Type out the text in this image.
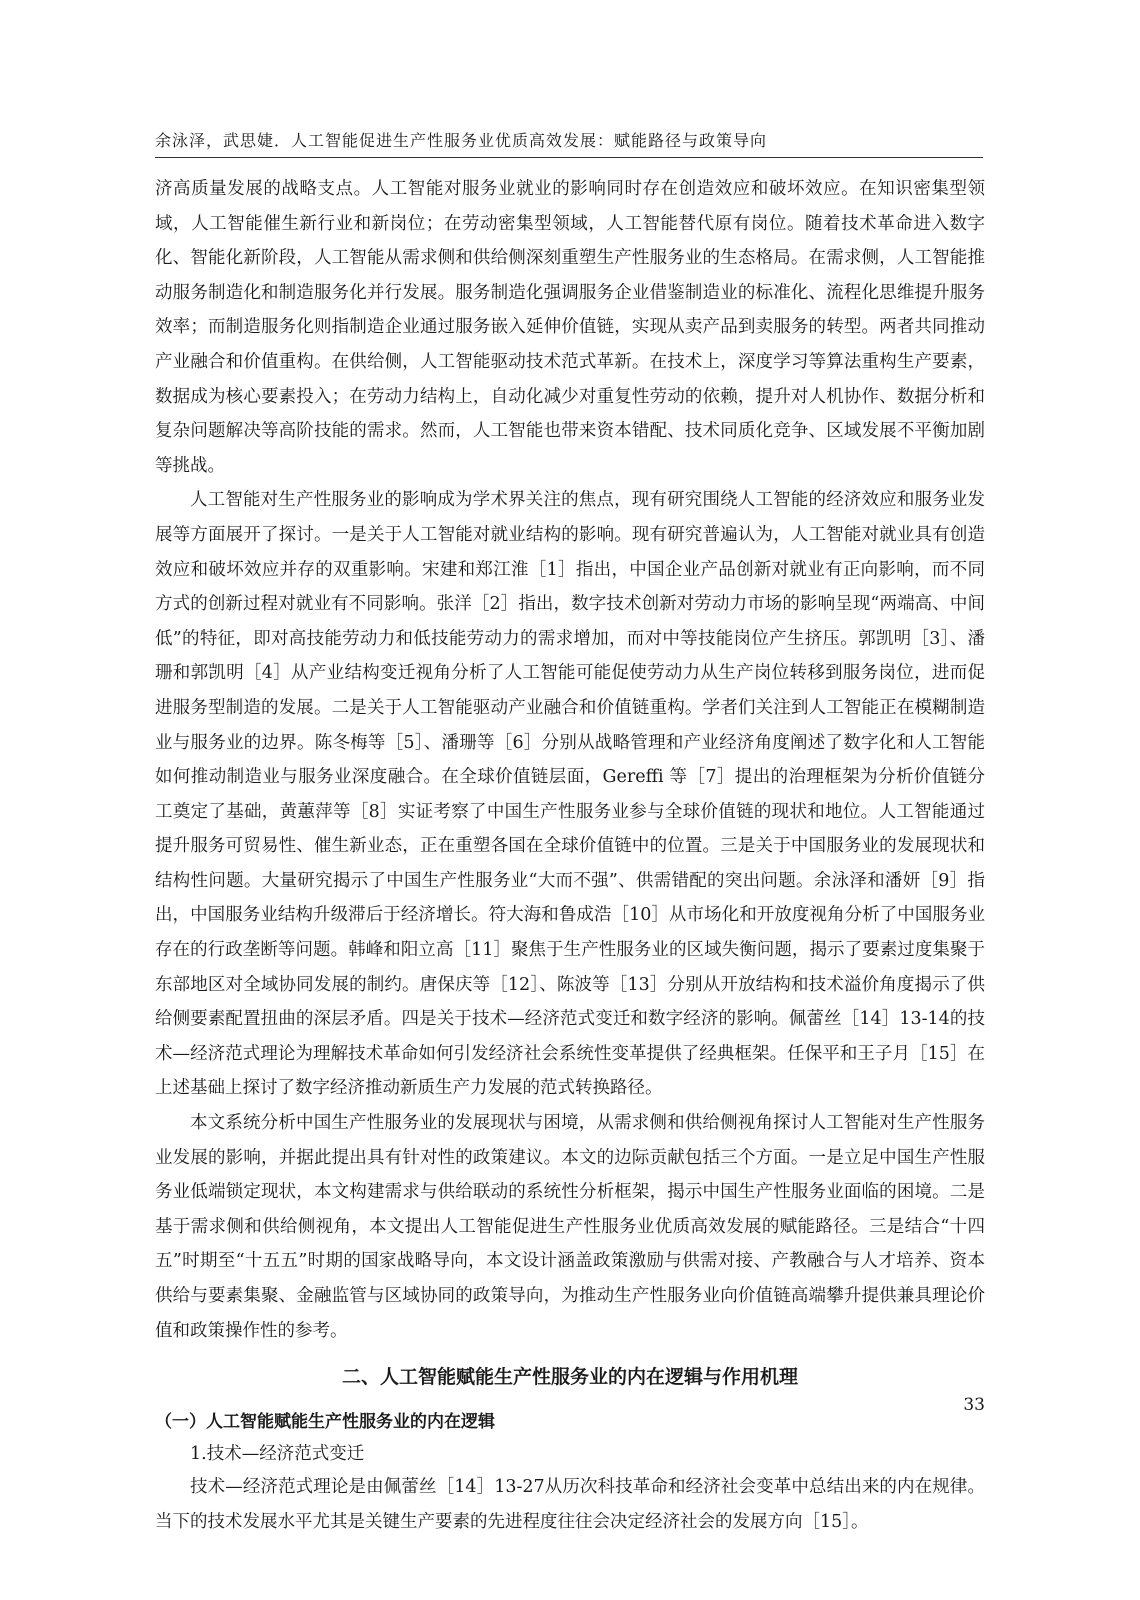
余泳泽，武思婕．人工智能促进生产性服务业优质高效发展：赋能路径与政策导向

济高质量发展的战略支点。人工智能对服务业就业的影响同时存在创造效应和破坏效应。在知识密集型领域，人工智能催生新行业和新岗位；在劳动密集型领域，人工智能替代原有岗位。随着技术革命进入数字化、智能化新阶段，人工智能从需求侧和供给侧深刻重塑生产性服务业的生态格局。在需求侧，人工智能推动服务制造化和制造服务化并行发展。服务制造化强调服务企业借鉴制造业的标准化、流程化思维提升服务效率；而制造服务化则指制造企业通过服务嵌入延伸价值链，实现从卖产品到卖服务的转型。两者共同推动产业融合和价值重构。在供给侧，人工智能驱动技术范式革新。在技术上，深度学习等算法重构生产要素，数据成为核心要素投入；在劳动力结构上，自动化减少对重复性劳动的依赖，提升对人机协作、数据分析和复杂问题解决等高阶技能的需求。然而，人工智能也带来资本错配、技术同质化竞争、区域发展不平衡加剧等挑战。

人工智能对生产性服务业的影响成为学术界关注的焦点，现有研究围绕人工智能的经济效应和服务业发展等方面展开了探讨。一是关于人工智能对就业结构的影响。现有研究普遍认为，人工智能对就业具有创造效应和破坏效应并存的双重影响。宋建和郑江淮［1］指出，中国企业产品创新对就业有正向影响，而不同方式的创新过程对就业有不同影响。张洋［2］指出，数字技术创新对劳动力市场的影响呈现“两端高、中间低”的特征，即对高技能劳动力和低技能劳动力的需求增加，而对中等技能岗位产生挤压。郭凯明［3］、潘珊和郭凯明［4］从产业结构变迁视角分析了人工智能可能促使劳动力从生产岗位转移到服务岗位，进而促进服务型制造的发展。二是关于人工智能驱动产业融合和价值链重构。学者们关注到人工智能正在模糊制造业与服务业的边界。陈冬梅等［5］、潘珊等［6］分别从战略管理和产业经济角度阐述了数字化和人工智能如何推动制造业与服务业深度融合。在全球价值链层面，Gereffi 等［7］提出的治理框架为分析价值链分工奠定了基础，黄蕙萍等［8］实证考察了中国生产性服务业参与全球价值链的现状和地位。人工智能通过提升服务可贸易性、催生新业态，正在重塑各国在全球价值链中的位置。三是关于中国服务业的发展现状和结构性问题。大量研究揭示了中国生产性服务业“大而不强”、供需错配的突出问题。余泳泽和潘妍［9］指出，中国服务业结构升级滞后于经济增长。符大海和鲁成浩［10］从市场化和开放度视角分析了中国服务业存在的行政垄断等问题。韩峰和阳立高［11］聚焦于生产性服务业的区域失衡问题，揭示了要素过度集聚于东部地区对全域协同发展的制约。唐保庆等［12］、陈波等［13］分别从开放结构和技术溢价角度揭示了供给侧要素配置扭曲的深层矛盾。四是关于技术—经济范式变迁和数字经济的影响。佩蕾丝［14］13-14的技术—经济范式理论为理解技术革命如何引发经济社会系统性变革提供了经典框架。任保平和王子月［15］在上述基础上探讨了数字经济推动新质生产力发展的范式转换路径。

本文系统分析中国生产性服务业的发展现状与困境，从需求侧和供给侧视角探讨人工智能对生产性服务业发展的影响，并据此提出具有针对性的政策建议。本文的边际贡献包括三个方面。一是立足中国生产性服务业低端锁定现状，本文构建需求与供给联动的系统性分析框架，揭示中国生产性服务业面临的困境。二是基于需求侧和供给侧视角，本文提出人工智能促进生产性服务业优质高效发展的赋能路径。三是结合“十四五”时期至“十五五”时期的国家战略导向，本文设计涵盖政策激励与供需对接、产教融合与人才培养、资本供给与要素集聚、金融监管与区域协同的政策导向，为推动生产性服务业向价值链高端攀升提供兼具理论价值和政策操作性的参考。

二、人工智能赋能生产性服务业的内在逻辑与作用机理
（一）人工智能赋能生产性服务业的内在逻辑
1.技术—经济范式变迁

技术—经济范式理论是由佩蕾丝［14］13-27从历次科技革命和经济社会变革中总结出来的内在规律。当下的技术发展水平尤其是关键生产要素的先进程度往往会决定经济社会的发展方向［15］。

33
